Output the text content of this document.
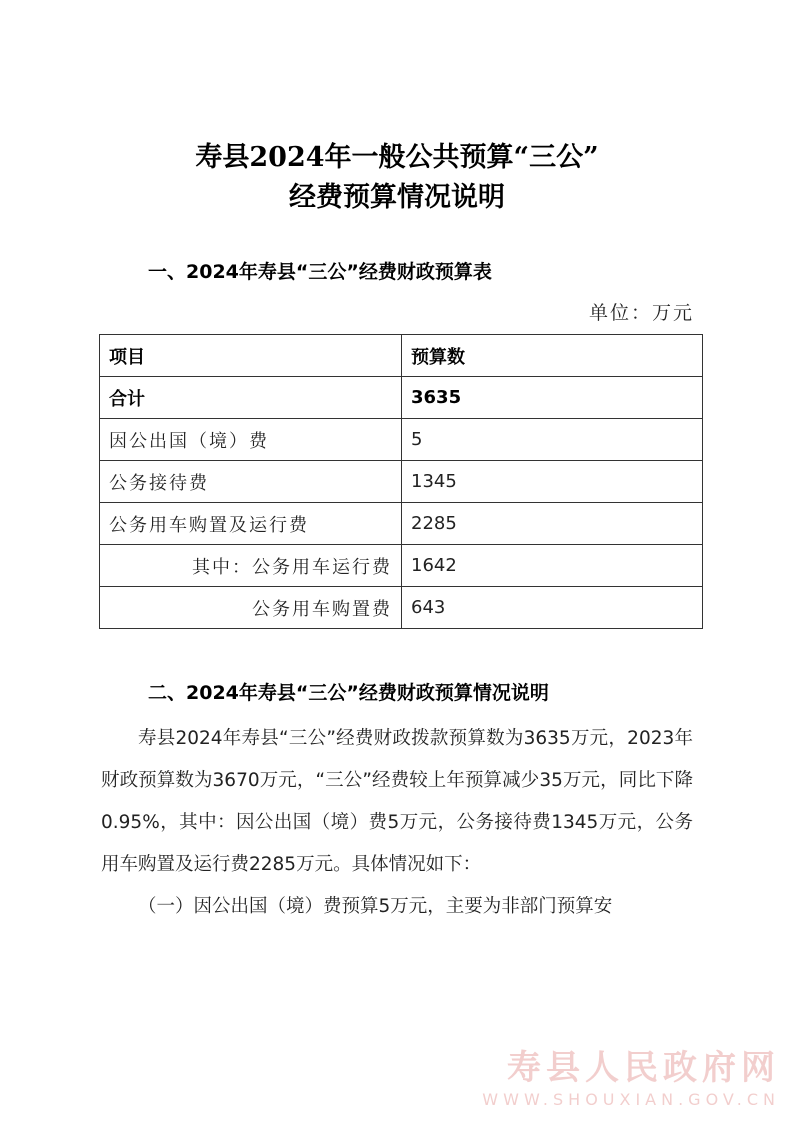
寿县2024年一般公共预算“三公”
经费预算情况说明
一、2024年寿县“三公”经费财政预算表
单位：万元
项目	预算数
合计	3635
因公出国（境）费	5
公务接待费	1345
公务用车购置及运行费	2285
其中：公务用车运行费	1642
公务用车购置费	643
二、2024年寿县“三公”经费财政预算情况说明

寿县2024年寿县“三公”经费财政拨款预算数为3635万元，2023年财政预算数为3670万元，“三公”经费较上年预算减少35万元，同比下降0.95%，其中：因公出国（境）费5万元，公务接待费1345万元，公务用车购置及运行费2285万元。具体情况如下：

（一）因公出国（境）费预算5万元，主要为非部门预算安

寿县人民政府网
WWW.SHOUXIAN.GOV.CN
